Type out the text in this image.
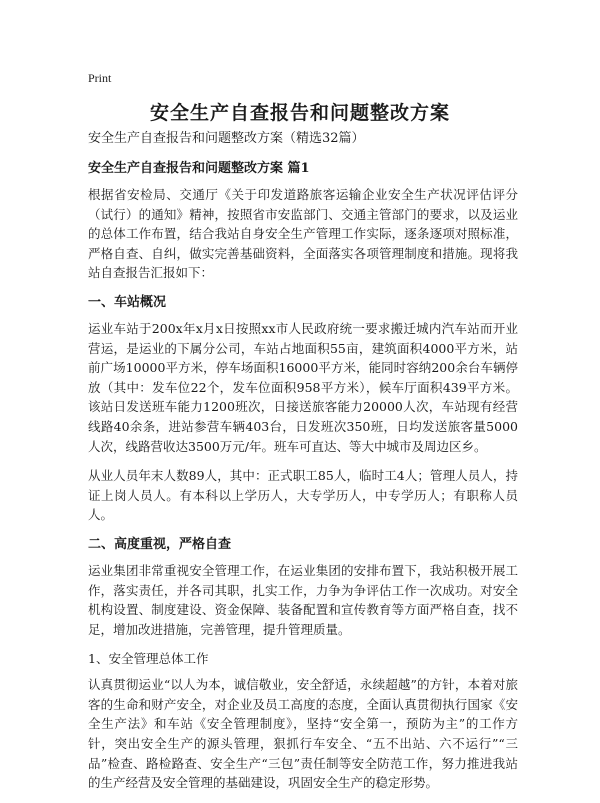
Print
安全生产自查报告和问题整改方案
安全生产自查报告和问题整改方案（精选32篇）
安全生产自查报告和问题整改方案 篇1

根据省安检局、交通厅《关于印发道路旅客运输企业安全生产状况评估评分（试行）的通知》精神，按照省市安监部门、交通主管部门的要求，以及运业的总体工作布置，结合我站自身安全生产管理工作实际，逐条逐项对照标准，严格自查、自纠，做实完善基础资料，全面落实各项管理制度和措施。现将我站自查报告汇报如下：

一、车站概况

运业车站于200x年x月x日按照xx市人民政府统一要求搬迁城内汽车站而开业营运，是运业的下属分公司，车站占地面积55亩，建筑面积4000平方米，站前广场10000平方米，停车场面积16000平方米，能同时容纳200余台车辆停放（其中：发车位22个，发车位面积958平方米），候车厅面积439平方米。该站日发送班车能力1200班次，日接送旅客能力20000人次，车站现有经营线路40余条，进站参营车辆403台，日发班次350班，日均发送旅客量5000人次，线路营收达3500万元/年。班车可直达、等大中城市及周边区乡。

从业人员年末人数89人，其中：正式职工85人，临时工4人；管理人员人，持证上岗人员人。有本科以上学历人，大专学历人，中专学历人；有职称人员人。

二、高度重视，严格自查

运业集团非常重视安全管理工作，在运业集团的安排布置下，我站积极开展工作，落实责任，并各司其职，扎实工作，力争为争评估工作一次成功。对安全机构设置、制度建设、资金保障、装备配置和宣传教育等方面严格自查，找不足，增加改进措施，完善管理，提升管理质量。

1、安全管理总体工作

认真贯彻运业“以人为本，诚信敬业，安全舒适，永续超越”的方针，本着对旅客的生命和财产安全，对企业及员工高度的态度，全面认真贯彻执行国家《安全生产法》和车站《安全管理制度》，坚持“安全第一，预防为主”的工作方针，突出安全生产的源头管理，狠抓行车安全、“五不出站、六不运行”“三品”检查、路检路查、安全生产“三包”责任制等安全防范工作，努力推进我站的生产经营及安全管理的基础建设，巩固安全生产的稳定形势。
